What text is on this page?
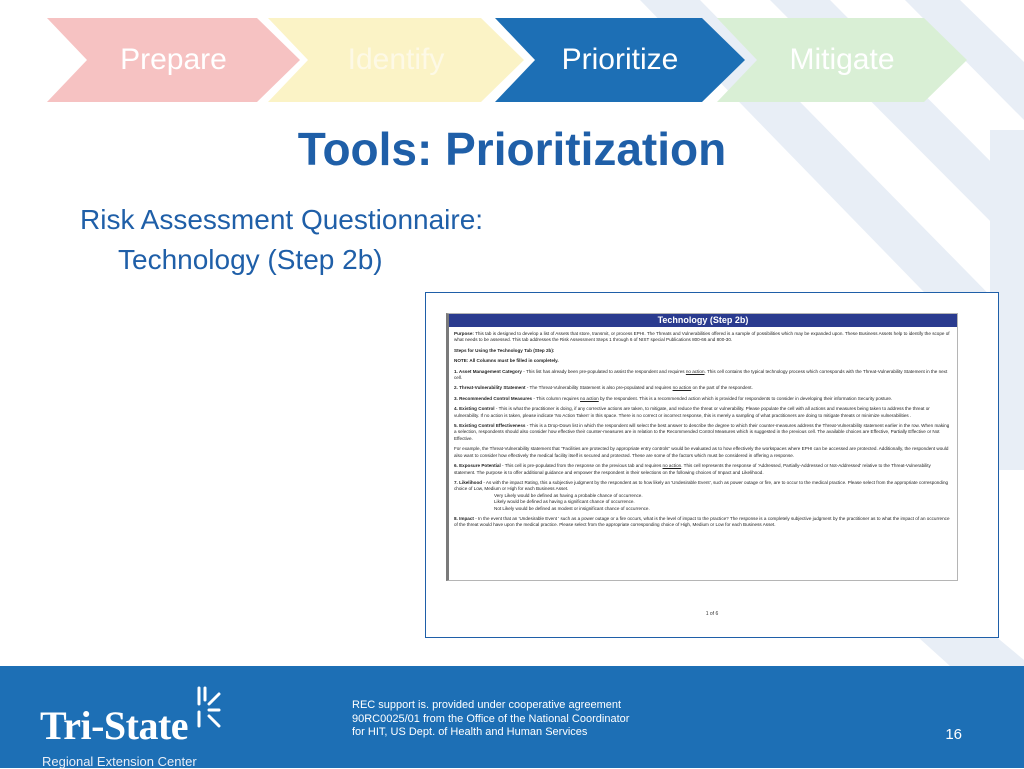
Prepare	Identify	Prioritize	Mitigate
Tools: Prioritization
Risk Assessment Questionnaire:
Technology (Step 2b)
Technology (Step 2b)

Purpose: This tab is designed to develop a list of Assets that store, transmit, or process EPHI. The Threats and Vulnerabilities offered is a sample of possibilities which may be expanded upon. These Business Assets help to identify the scope of what needs to be assessed. This tab addresses the Risk Assessment Steps 1 through 6 of NIST special Publications 800-66 and 800-30.

Steps for Using the Technology Tab (Step 2b):

NOTE: All Columns must be filled in completely.

1. Asset Management Category - This list has already been pre-populated to assist the respondent and requires no action. This cell contains the typical technology process which corresponds with the Threat-Vulnerability Statement in the next cell.

2. Threat-Vulnerability Statement - The Threat-Vulnerability Statement is also pre-populated and requires no action on the part of the respondent.

3. Recommended Control Measures - This column requires no action by the respondent. This is a recommended action which is provided for respondents to consider in developing their information Security posture.

4. Existing Control - This is what the practitioner is doing, if any corrective actions are taken, to mitigate, and reduce the threat or vulnerability. Please populate the cell with all actions and measures being taken to address the threat or vulnerability. If no action is taken, please indicate 'No Action Taken' in this space. There is no correct or incorrect response, this is merely a sampling of what practitioners are doing to mitigate threats or minimize vulnerabilities .

5. Existing Control Effectiveness - This is a Drop-Down list in which the respondent will select the best answer to describe the degree to which their counter-measures address the Threat-Vulnerability statement earlier in the row. When making a selection, respondents should also consider how effective their counter-measures are in relation to the Recommended Control Measures which is suggested in the previous cell. The available choices are Effective, Partially Effective or Not Effective.

For example, the Threat-Vulnerability statement that "Facilities are protected by appropriate entry controls" would be evaluated as to how effectively the workspaces where EPHI can be accessed are protected. Additionally, the respondent would also want to consider how effectively the medical facility itself is secured and protected. These are some of the factors which must be considered in offering a response.

6. Exposure Potential - This cell is pre-populated from the response on the previous tab and requires no action. This cell represents the response of 'Addressed, Partially-Addressed or Not-Addressed' relative to the Threat-Vulnerability statement. The purpose is to offer additional guidance and empower the respondent in their selections on the following choices of Impact and Likelihood.

7. Likelihood - As with the impact Rating, this a subjective judgment by the respondent as to how likely an 'Undesirable Event', such as power outage or fire, are to occur to the medical practice. Please select from the appropriate corresponding choice of Low, Medium or High for each Business Asset.

Very Likely would be defined as having a probable chance of occurrence.

Likely would be defined as having a significant chance of occurrence.

Not Likely would be defined as modest or insignificant chance of occurrence.

8. Impact - In the event that an 'Undesirable Event ' such as a power outage or a fire occurs, what is the level of impact to the practice? The response is a completely subjective judgment by the practitioner as to what the impact of an occurrence of the threat would have upon the medical practice. Please select from the appropriate corresponding choice of High, Medium or Low for each Business Asset.

1 of 6
Tri-State
Regional Extension Center
REC support is. provided under cooperative agreement 90RC0025/01 from the Office of the National Coordinator for HIT, US Dept. of Health and Human Services	16
